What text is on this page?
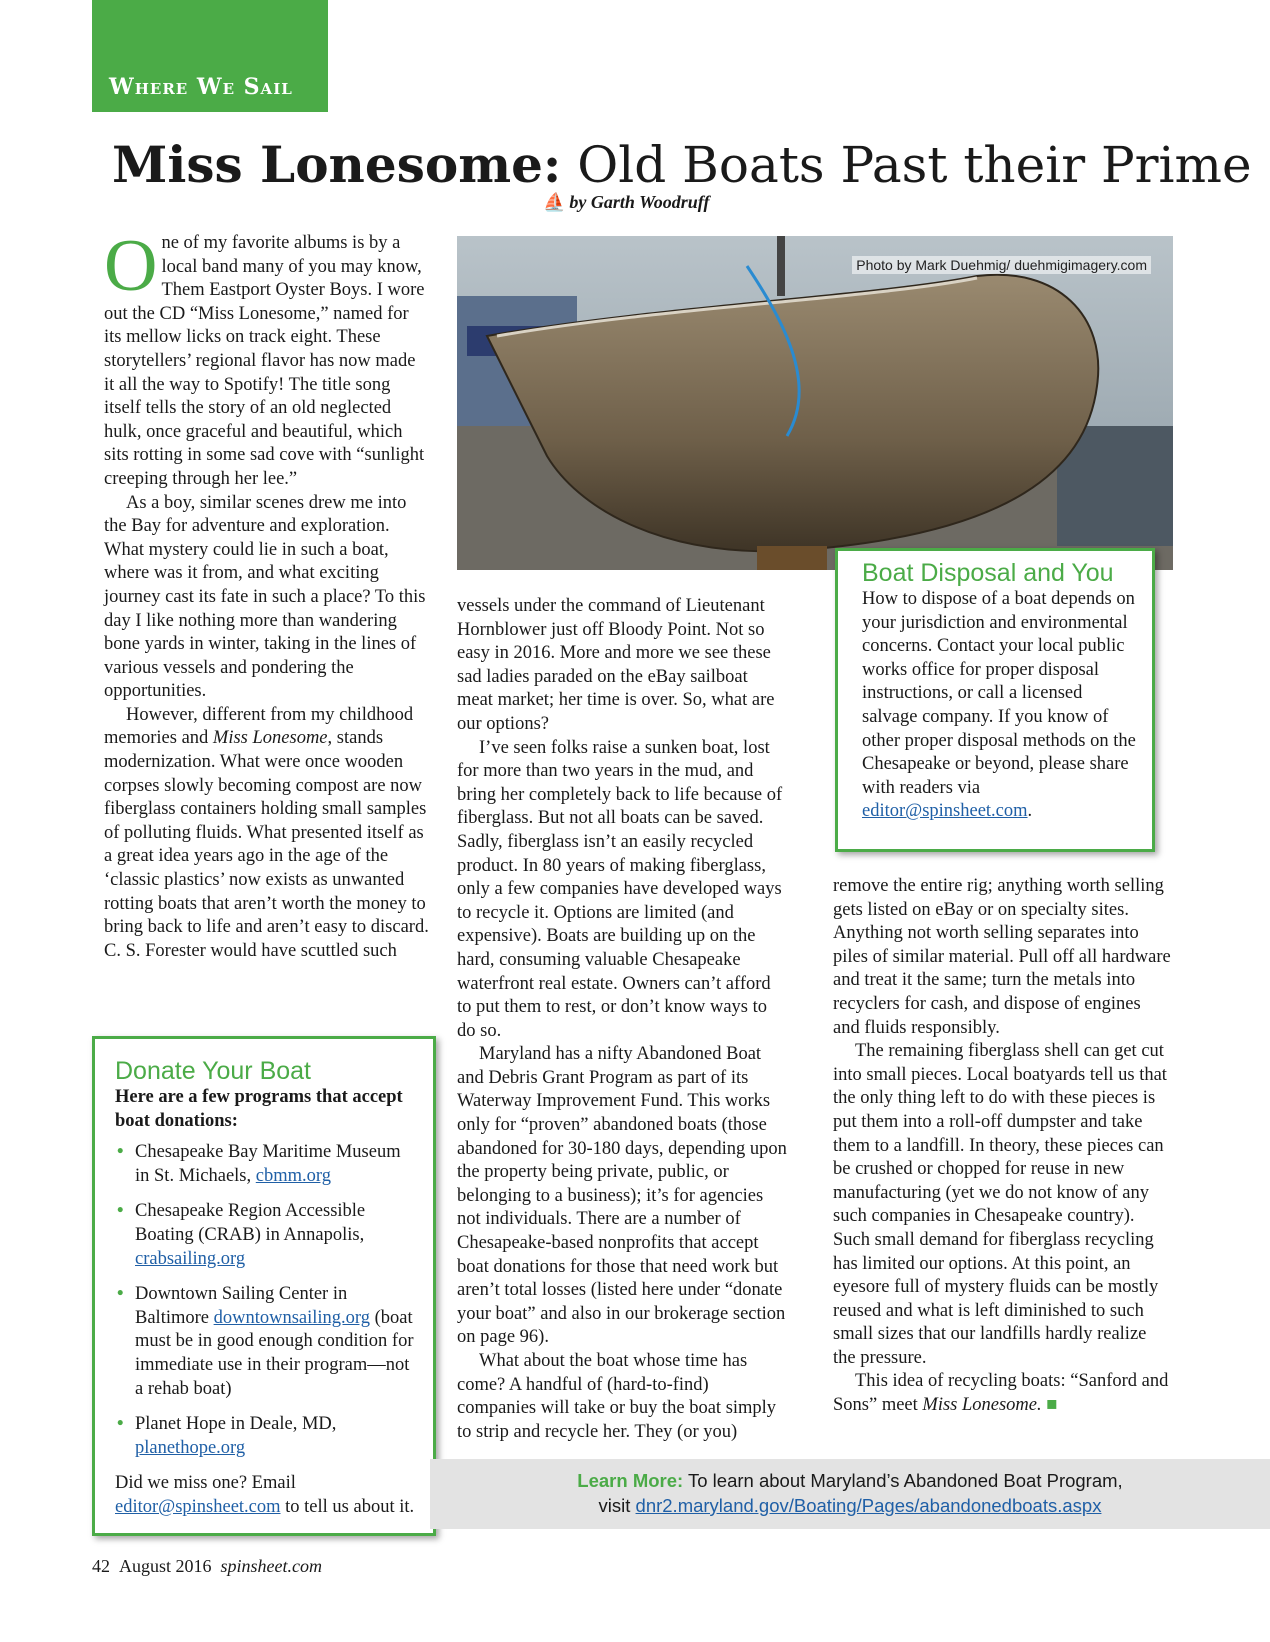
Where We Sail
Miss Lonesome: Old Boats Past their Prime
⛵ by Garth Woodruff

One of my favorite albums is by a local band many of you may know, Them Eastport Oyster Boys. I wore out the CD “Miss Lonesome,” named for its mellow licks on track eight. These storytellers’ regional flavor has now made it all the way to Spotify! The title song itself tells the story of an old neglected hulk, once graceful and beautiful, which sits rotting in some sad cove with “sunlight creeping through her lee.”

As a boy, similar scenes drew me into the Bay for adventure and exploration. What mystery could lie in such a boat, where was it from, and what exciting journey cast its fate in such a place? To this day I like nothing more than wandering bone yards in winter, taking in the lines of various vessels and pondering the opportunities.

However, different from my childhood memories and Miss Lonesome, stands modernization. What were once wooden corpses slowly becoming compost are now fiberglass containers holding small samples of polluting fluids. What presented itself as a great idea years ago in the age of the ‘classic plastics’ now exists as unwanted rotting boats that aren’t worth the money to bring back to life and aren’t easy to discard. C. S. Forester would have scuttled such

Photo by Mark Duehmig/ duehmigimagery.com

vessels under the command of Lieutenant Hornblower just off Bloody Point. Not so easy in 2016. More and more we see these sad ladies paraded on the eBay sailboat meat market; her time is over. So, what are our options?

I’ve seen folks raise a sunken boat, lost for more than two years in the mud, and bring her completely back to life because of fiberglass. But not all boats can be saved. Sadly, fiberglass isn’t an easily recycled product. In 80 years of making fiberglass, only a few companies have developed ways to recycle it. Options are limited (and expensive). Boats are building up on the hard, consuming valuable Chesapeake waterfront real estate. Owners can’t afford to put them to rest, or don’t know ways to do so.

Maryland has a nifty Abandoned Boat and Debris Grant Program as part of its Waterway Improvement Fund. This works only for “proven” abandoned boats (those abandoned for 30-180 days, depending upon the property being private, public, or belonging to a business); it’s for agencies not individuals. There are a number of Chesapeake-based nonprofits that accept boat donations for those that need work but aren’t total losses (listed here under “donate your boat” and also in our brokerage section on page 96).

What about the boat whose time has come? A handful of (hard-to-find) companies will take or buy the boat simply to strip and recycle her. They (or you)

Boat Disposal and You
How to dispose of a boat depends on your jurisdiction and environmental concerns. Contact your local public works office for proper disposal instructions, or call a licensed salvage company. If you know of other proper disposal methods on the Chesapeake or beyond, please share with readers via editor@spinsheet.com.

remove the entire rig; anything worth selling gets listed on eBay or on specialty sites. Anything not worth selling separates into piles of similar material. Pull off all hardware and treat it the same; turn the metals into recyclers for cash, and dispose of engines and fluids responsibly.

The remaining fiberglass shell can get cut into small pieces. Local boatyards tell us that the only thing left to do with these pieces is put them into a roll-off dumpster and take them to a landfill. In theory, these pieces can be crushed or chopped for reuse in new manufacturing (yet we do not know of any such companies in Chesapeake country). Such small demand for fiberglass recycling has limited our options. At this point, an eyesore full of mystery fluids can be mostly reused and what is left diminished to such small sizes that our landfills hardly realize the pressure.

This idea of recycling boats: “Sanford and Sons” meet Miss Lonesome. ■

Donate Your Boat
Here are a few programs that accept boat donations:
• Chesapeake Bay Maritime Museum in St. Michaels, cbmm.org
• Chesapeake Region Accessible Boating (CRAB) in Annapolis, crabsailing.org
• Downtown Sailing Center in Baltimore downtownsailing.org (boat must be in good enough condition for immediate use in their program—not a rehab boat)
• Planet Hope in Deale, MD, planethope.org
Did we miss one? Email editor@spinsheet.com to tell us about it.
Learn More: To learn about Maryland’s Abandoned Boat Program,
visit dnr2.maryland.gov/Boating/Pages/abandonedboats.aspx
42 August 2016 spinsheet.com
